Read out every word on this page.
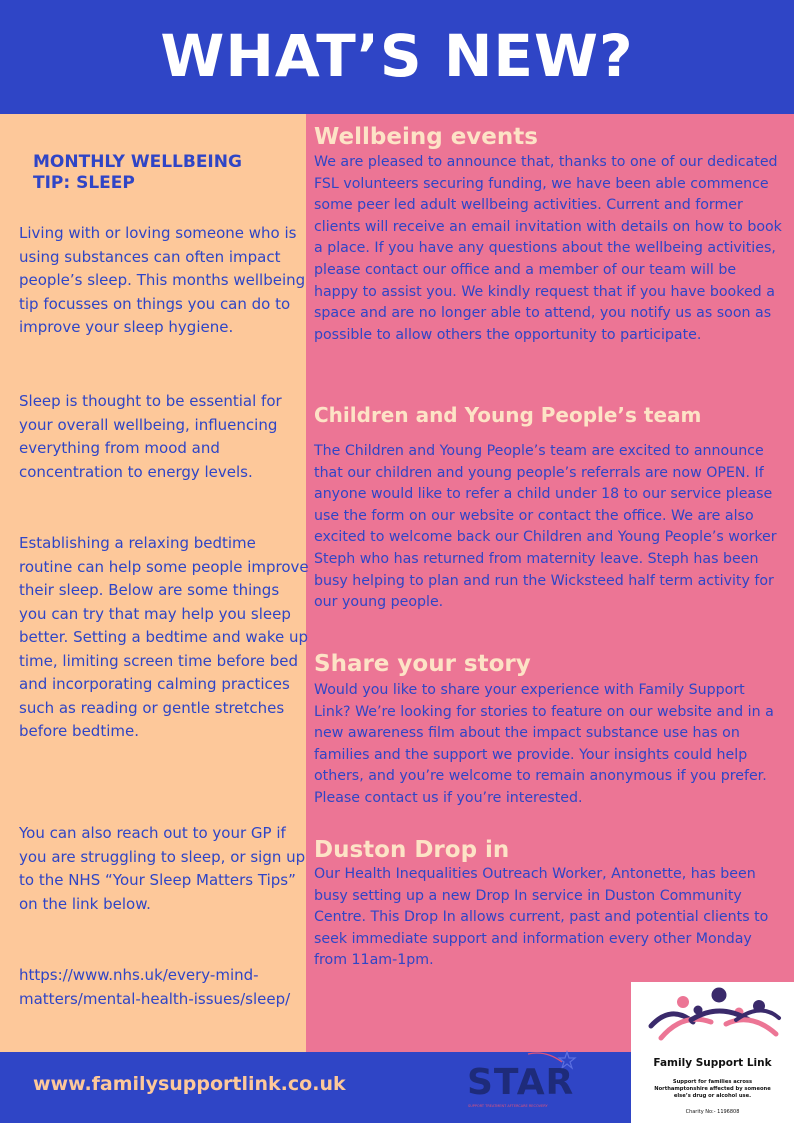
WHAT’S NEW?
MONTHLY WELLBEING TIP: SLEEP
Living with or loving someone who is using substances can often impact people’s sleep. This months wellbeing tip focusses on things you can do to improve your sleep hygiene.
Sleep is thought to be essential for your overall wellbeing, influencing everything from mood and concentration to energy levels.
Establishing a relaxing bedtime routine can help some people improve their sleep. Below are some things you can try that may help you sleep better. Setting a bedtime and wake up time, limiting screen time before bed and incorporating calming practices such as reading or gentle stretches before bedtime.
You can also reach out to your GP if you are struggling to sleep, or sign up to the NHS “Your Sleep Matters Tips” on the link below.
https://www.nhs.uk/every-mind-matters/mental-health-issues/sleep/
Wellbeing events
We are pleased to announce that, thanks to one of our dedicated FSL volunteers securing funding, we have been able commence some peer led adult wellbeing activities. Current and former clients will receive an email invitation with details on how to book a place. If you have any questions about the wellbeing activities, please contact our office and a member of our team will be happy to assist you. We kindly request that if you have booked a space and are no longer able to attend, you notify us as soon as possible to allow others the opportunity to participate.
Children and Young People’s team
The Children and Young People’s team are excited to announce that our children and young people’s referrals are now OPEN. If anyone would like to refer a child under 18 to our service please use the form on our website or contact the office. We are also excited to welcome back our Children and Young People’s worker Steph who has returned from maternity leave. Steph has been busy helping to plan and run the Wicksteed half term activity for our young people.
Share your story
Would you like to share your experience with Family Support Link? We’re looking for stories to feature on our website and in a new awareness film about the impact substance use has on families and the support we provide. Your insights could help others, and you’re welcome to remain anonymous if you prefer. Please contact us if you’re interested.
Duston Drop in
Our Health Inequalities Outreach Worker, Antonette, has been busy setting up a new Drop In service in Duston Community Centre. This Drop In allows current, past and potential clients to seek immediate support and information every other Monday from 11am-1pm.
www.familysupportlink.co.uk	STAR
SUPPORT TREATMENT AFTERCARE RECOVERY
Family Support Link
Support for families across Northamptonshire affected by someone else’s drug or alcohol use.
Charity No:- 1196808
